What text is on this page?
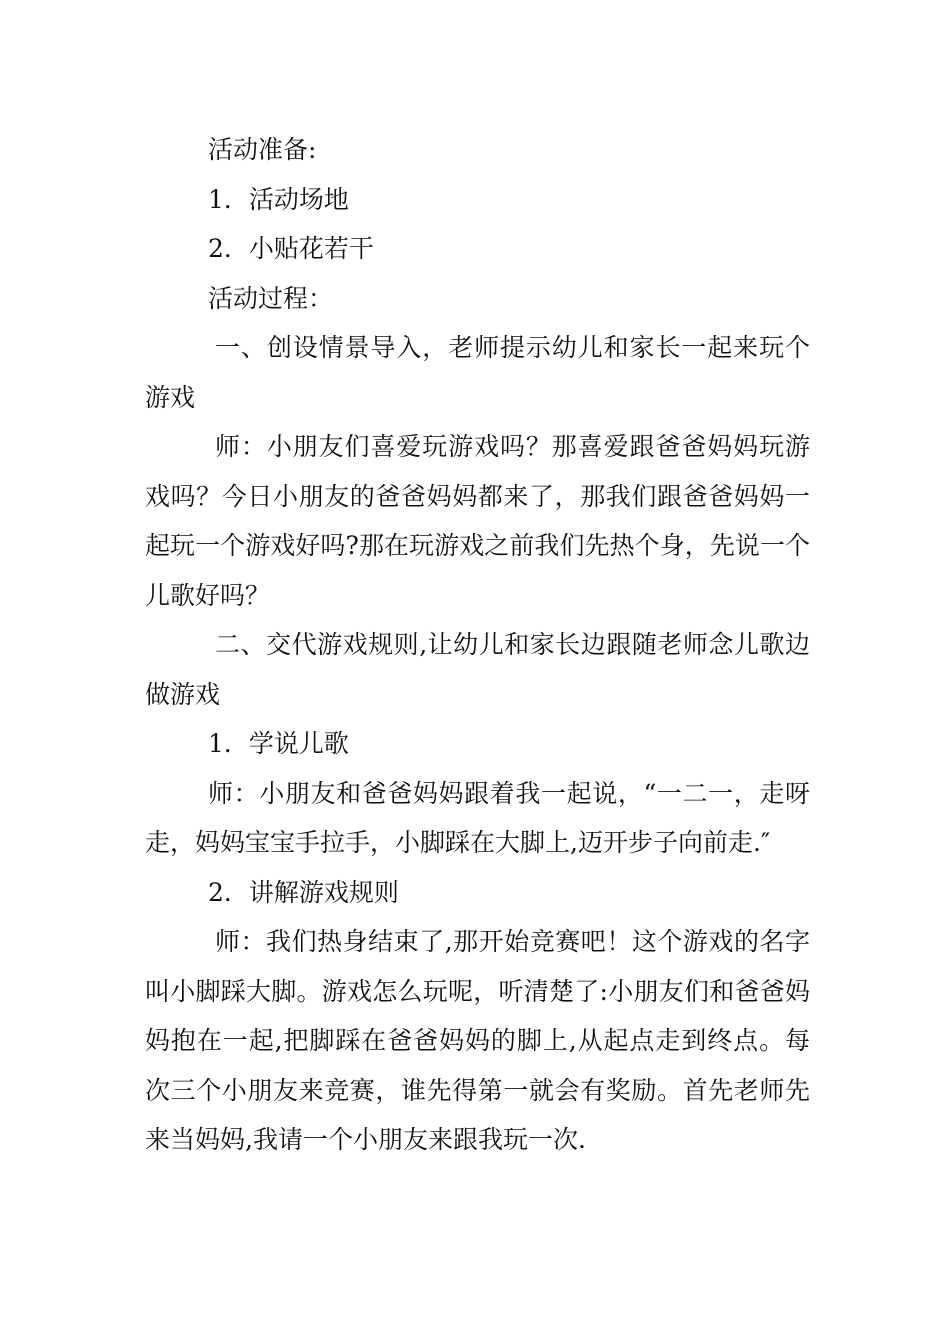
活动准备:

1．活动场地

2．小贴花若干

活动过程：

一、创设情景导入，老师提示幼儿和家长一起来玩个游戏

师：小朋友们喜爱玩游戏吗？那喜爱跟爸爸妈妈玩游戏吗？今日小朋友的爸爸妈妈都来了，那我们跟爸爸妈妈一起玩一个游戏好吗?那在玩游戏之前我们先热个身，先说一个儿歌好吗？

二、交代游戏规则,让幼儿和家长边跟随老师念儿歌边做游戏

1．学说儿歌

师：小朋友和爸爸妈妈跟着我一起说，“一二一，走呀走，妈妈宝宝手拉手，小脚踩在大脚上,迈开步子向前走.″

2．讲解游戏规则

师：我们热身结束了,那开始竞赛吧！这个游戏的名字叫小脚踩大脚。游戏怎么玩呢，听清楚了:小朋友们和爸爸妈妈抱在一起,把脚踩在爸爸妈妈的脚上,从起点走到终点。每次三个小朋友来竞赛，谁先得第一就会有奖励。首先老师先来当妈妈,我请一个小朋友来跟我玩一次.
